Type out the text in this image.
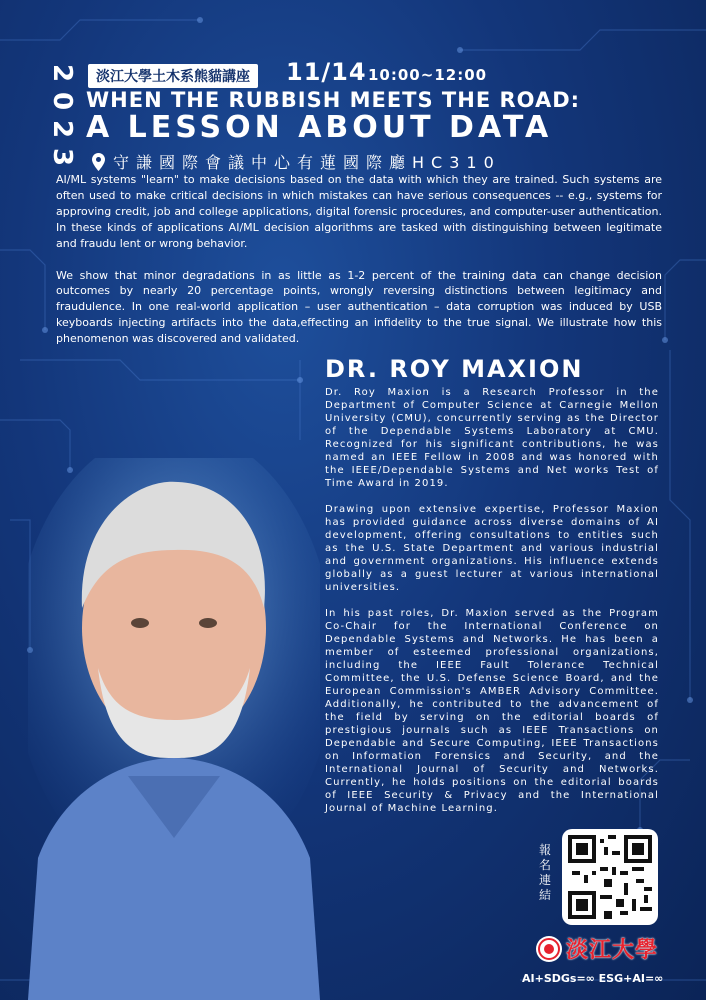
2
0
2
3
淡江大學土木系熊貓講座	11/14 10:00~12:00
WHEN THE RUBBISH MEETS THE ROAD:
A LESSON ABOUT DATA
守謙國際會議中心有蓮國際廳HC310

AI/ML systems "learn" to make decisions based on the data with which they are trained. Such systems are often used to make critical decisions in which mistakes can have serious consequences -- e.g., systems for approving credit, job and college applications, digital forensic procedures, and computer-user authentication. In these kinds of applications AI/ML decision algorithms are tasked with distinguishing between legitimate and fraudu lent or wrong behavior.

We show that minor degradations in as little as 1-2 percent of the training data can change decision outcomes by nearly 20 percentage points, wrongly reversing distinctions between legitimacy and fraudulence. In one real-world application – user authentication – data corruption was induced by USB keyboards injecting artifacts into the data,effecting an infidelity to the true signal. We illustrate how this phenomenon was discovered and validated.

DR. ROY MAXION

Dr. Roy Maxion is a Research Professor in the Department of Computer Science at Carnegie Mellon University (CMU), concurrently serving as the Director of the Dependable Systems Laboratory at CMU. Recognized for his significant contributions, he was named an IEEE Fellow in 2008 and was honored with the IEEE/Dependable Systems and Net works Test of Time Award in 2019.

Drawing upon extensive expertise, Professor Maxion has provided guidance across diverse domains of AI development, offering consultations to entities such as the U.S. State Department and various industrial and government organizations. His influence extends globally as a guest lecturer at various international universities.

In his past roles, Dr. Maxion served as the Program Co-Chair for the International Conference on Dependable Systems and Networks. He has been a member of esteemed professional organizations, including the IEEE Fault Tolerance Technical Committee, the U.S. Defense Science Board, and the European Commission's AMBER Advisory Committee. Additionally, he contributed to the advancement of the field by serving on the editorial boards of prestigious journals such as IEEE Transactions on Dependable and Secure Computing, IEEE Transactions on Information Forensics and Security, and the International Journal of Security and Networks. Currently, he holds positions on the editorial boards of IEEE Security & Privacy and the International Journal of Machine Learning.

報名連結
淡江大學
AI+SDGs=∞ ESG+AI=∞
